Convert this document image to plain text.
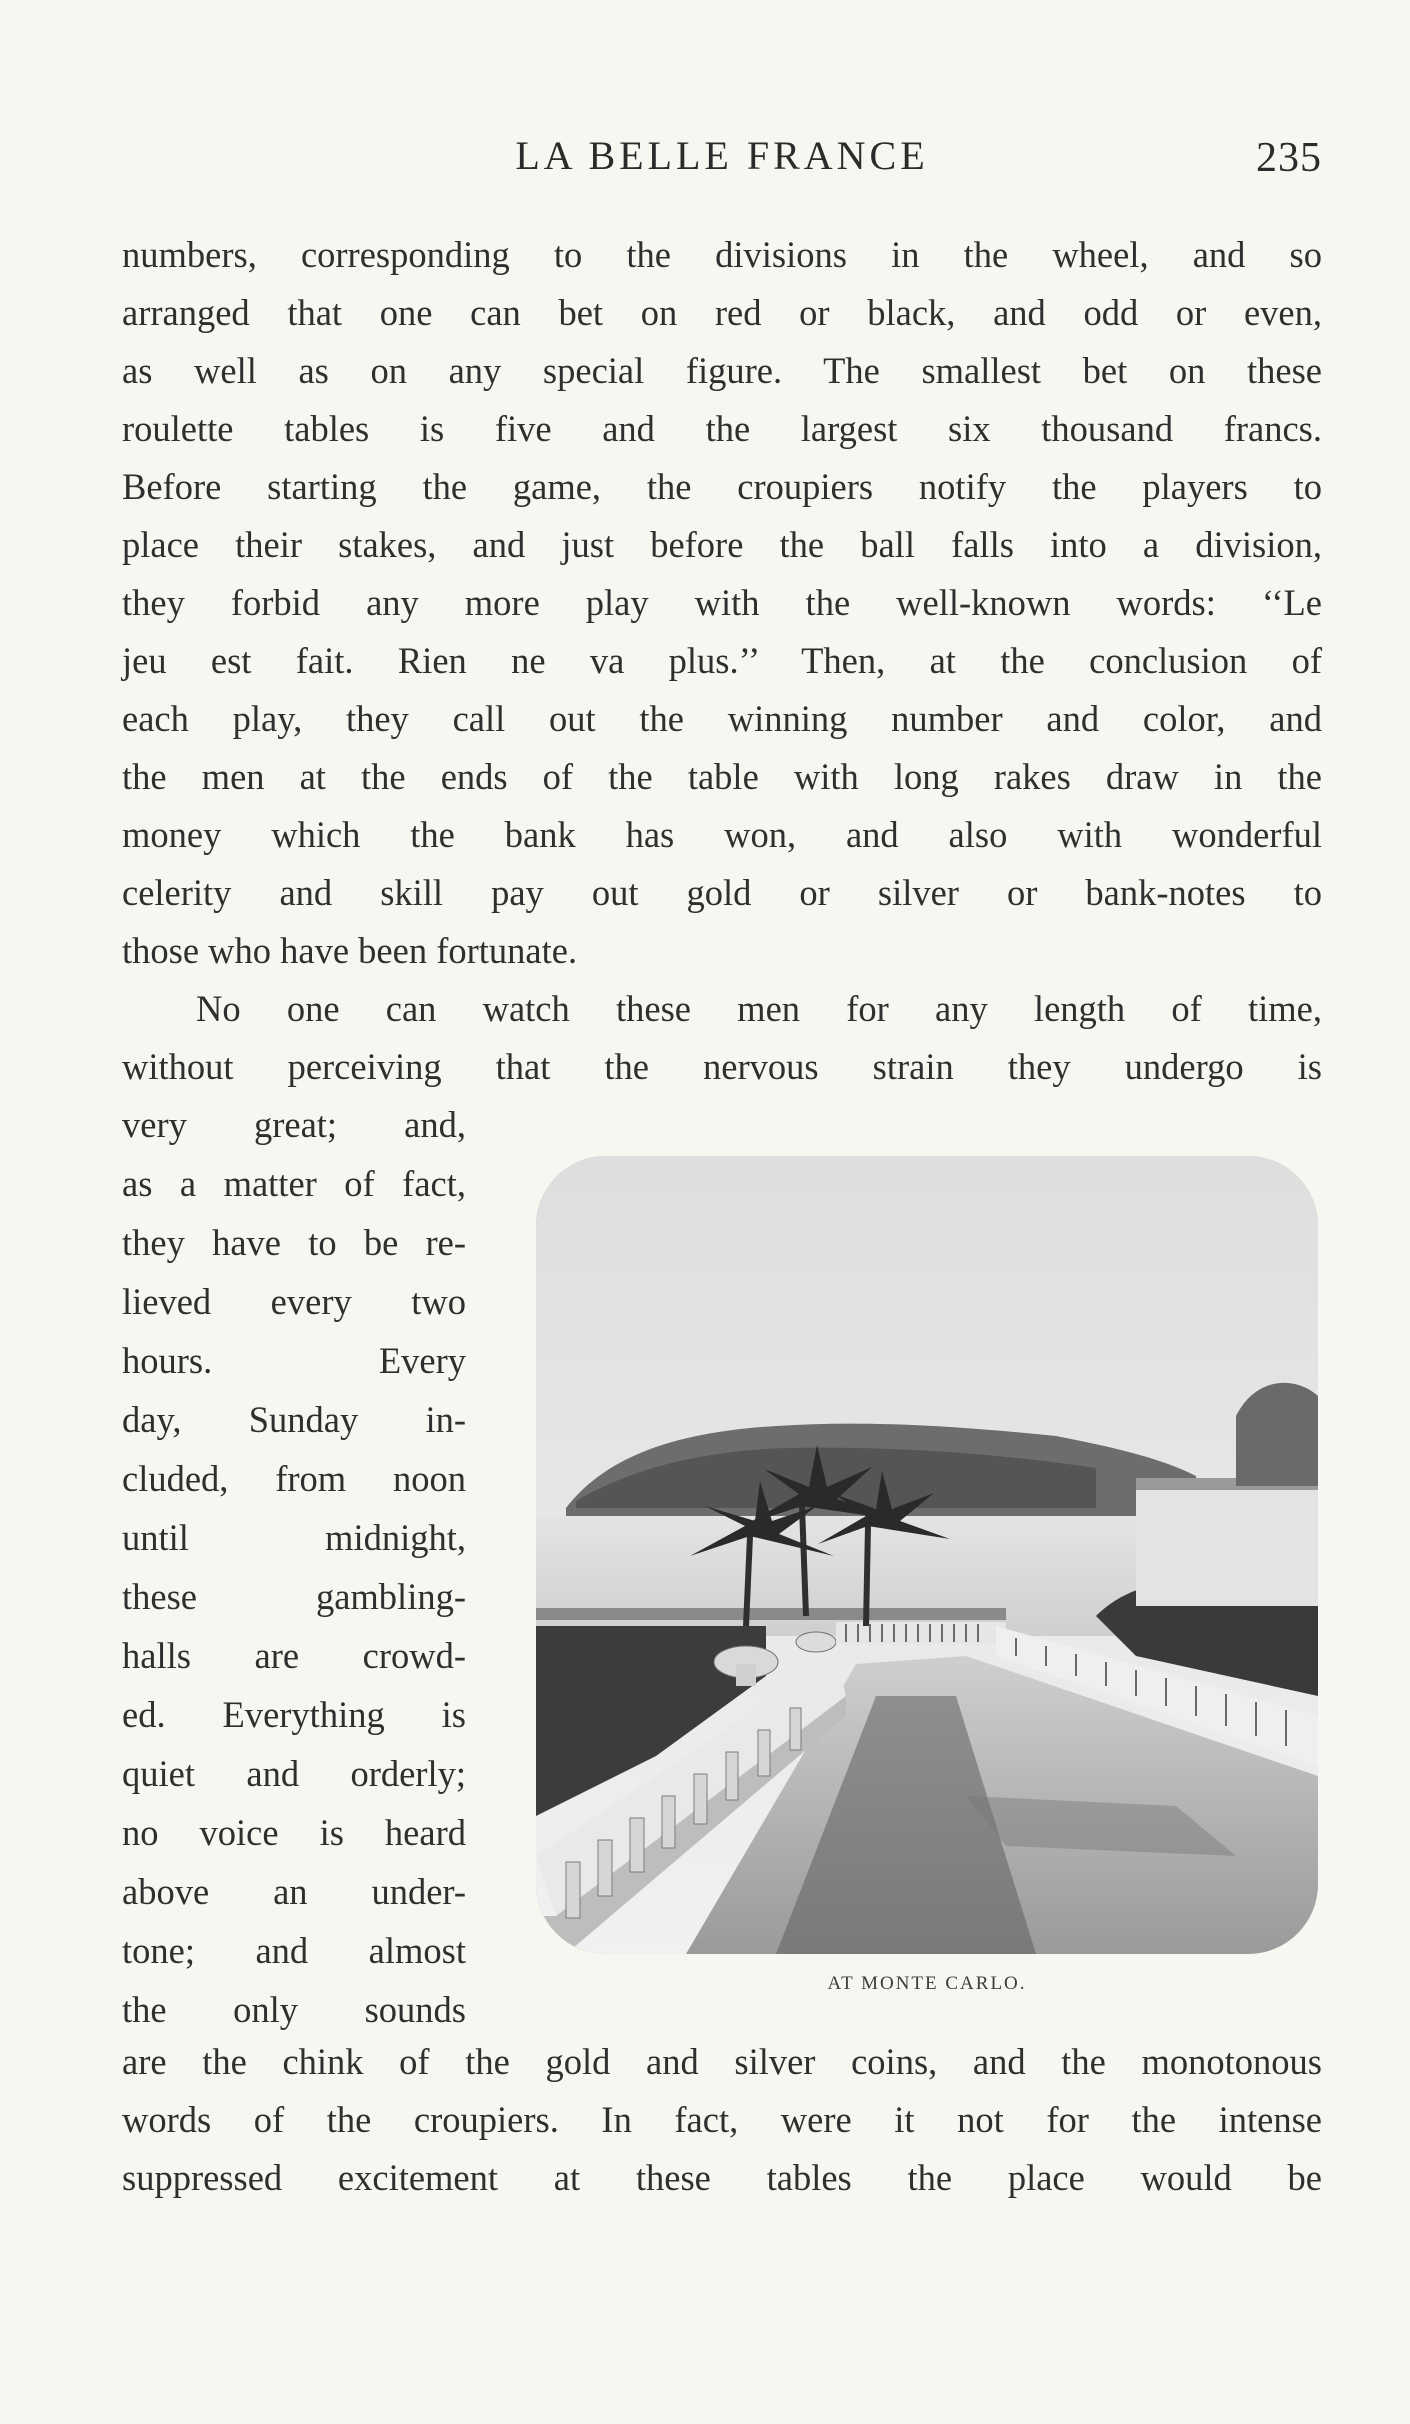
LA BELLE FRANCE	235
numbers, corresponding to the divisions in the wheel, and so
arranged that one can bet on red or black, and odd or even,
as well as on any special figure. The smallest bet on these
roulette tables is five and the largest six thousand francs.
Before starting the game, the croupiers notify the players to
place their stakes, and just before the ball falls into a division,
they forbid any more play with the well-known words: ‘‘Le
jeu est fait. Rien ne va plus.’’ Then, at the conclusion of
each play, they call out the winning number and color, and
the men at the ends of the table with long rakes draw in the
money which the bank has won, and also with wonderful
celerity and skill pay out gold or silver or bank-notes to
those who have been fortunate.
No one can watch these men for any length of time,
without perceiving that the nervous strain they undergo is
very great; and,
as a matter of fact,
they have to be re-
lieved every two
hours. Every
day, Sunday in-
cluded, from noon
until midnight,
these gambling-
halls are crowd-
ed. Everything is
quiet and orderly;
no voice is heard
above an under-
tone; and almost
the only sounds
are the chink of the gold and silver coins, and the monotonous
words of the croupiers. In fact, were it not for the intense
suppressed excitement at these tables the place would be
AT MONTE CARLO.
